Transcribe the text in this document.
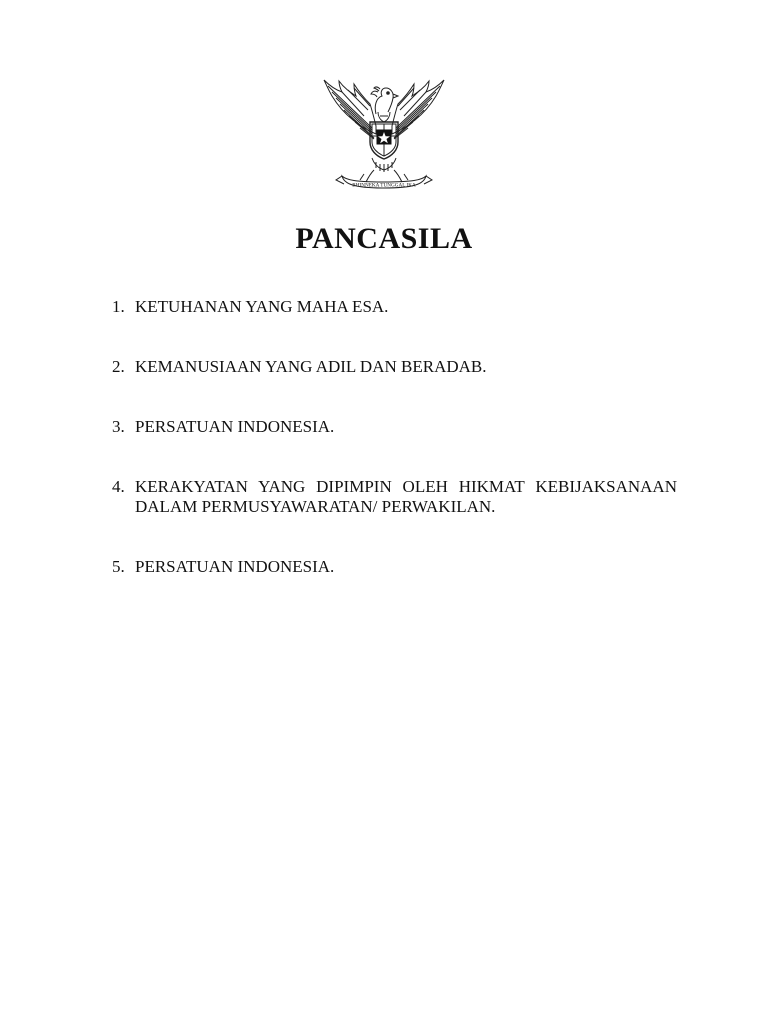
BHINNEKA TUNGGAL IKA
PANCASILA
1. KETUHANAN YANG MAHA ESA.
2. KEMANUSIAAN YANG ADIL DAN BERADAB.
3. PERSATUAN INDONESIA.
4. KERAKYATAN YANG DIPIMPIN OLEH HIKMAT KEBIJAKSANAAN DALAM PERMUSYAWARATAN/ PERWAKILAN.
5. PERSATUAN INDONESIA.
